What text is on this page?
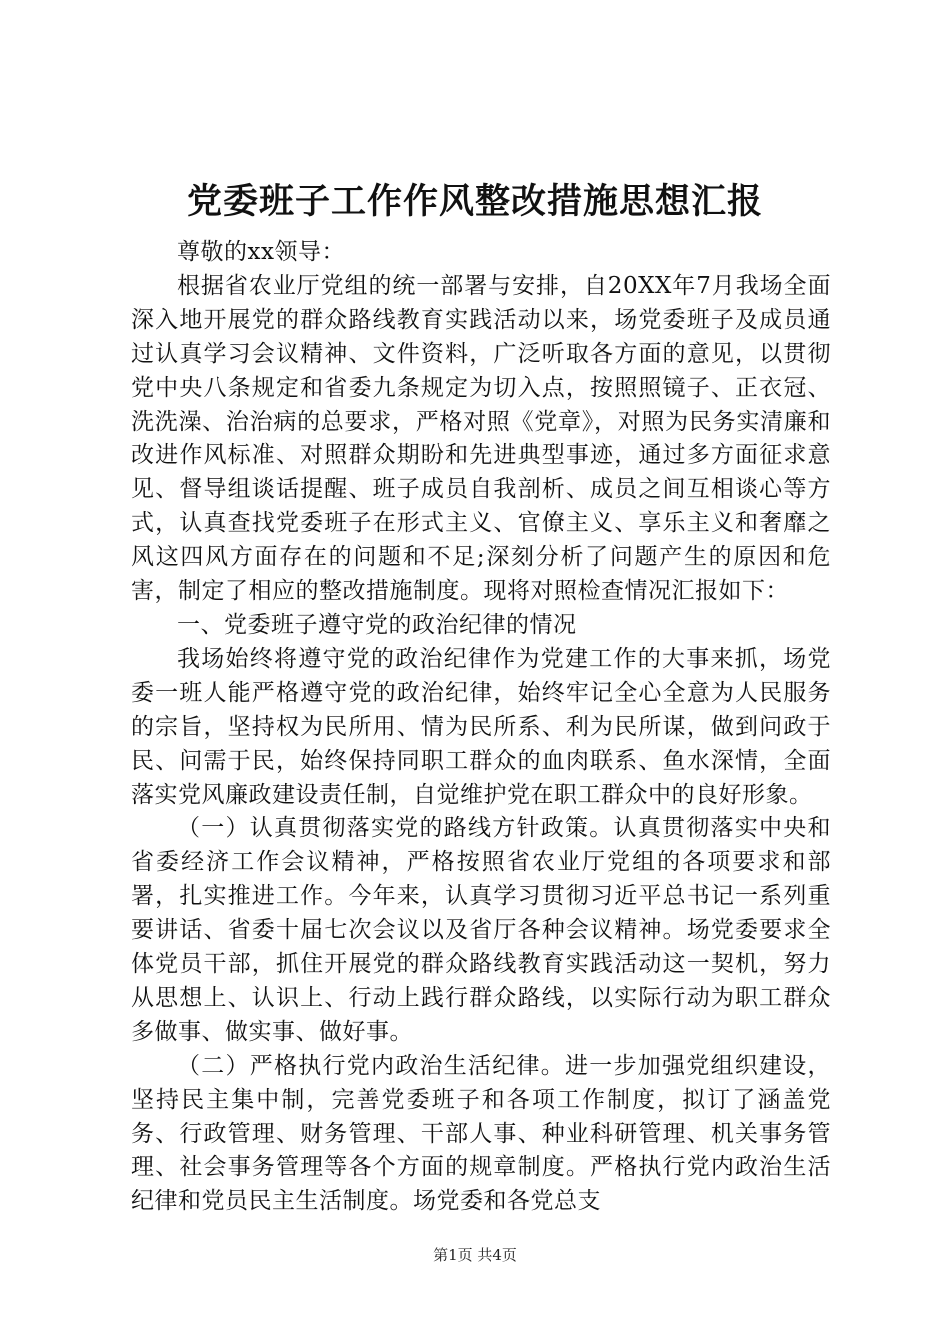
党委班子工作作风整改措施思想汇报

尊敬的xx领导：

根据省农业厅党组的统一部署与安排，自20XX年7月我场全面深入地开展党的群众路线教育实践活动以来，场党委班子及成员通过认真学习会议精神、文件资料，广泛听取各方面的意见，以贯彻党中央八条规定和省委九条规定为切入点，按照照镜子、正衣冠、洗洗澡、治治病的总要求，严格对照《党章》，对照为民务实清廉和改进作风标准、对照群众期盼和先进典型事迹，通过多方面征求意见、督导组谈话提醒、班子成员自我剖析、成员之间互相谈心等方式，认真查找党委班子在形式主义、官僚主义、享乐主义和奢靡之风这四风方面存在的问题和不足;深刻分析了问题产生的原因和危害，制定了相应的整改措施制度。现将对照检查情况汇报如下：

一、党委班子遵守党的政治纪律的情况

我场始终将遵守党的政治纪律作为党建工作的大事来抓，场党委一班人能严格遵守党的政治纪律，始终牢记全心全意为人民服务的宗旨，坚持权为民所用、情为民所系、利为民所谋，做到问政于民、问需于民，始终保持同职工群众的血肉联系、鱼水深情，全面落实党风廉政建设责任制，自觉维护党在职工群众中的良好形象。

（一）认真贯彻落实党的路线方针政策。认真贯彻落实中央和省委经济工作会议精神，严格按照省农业厅党组的各项要求和部署，扎实推进工作。今年来，认真学习贯彻习近平总书记一系列重要讲话、省委十届七次会议以及省厅各种会议精神。场党委要求全体党员干部，抓住开展党的群众路线教育实践活动这一契机，努力从思想上、认识上、行动上践行群众路线，以实际行动为职工群众多做事、做实事、做好事。

（二）严格执行党内政治生活纪律。进一步加强党组织建设，坚持民主集中制，完善党委班子和各项工作制度，拟订了涵盖党务、行政管理、财务管理、干部人事、种业科研管理、机关事务管理、社会事务管理等各个方面的规章制度。严格执行党内政治生活纪律和党员民主生活制度。场党委和各党总支

第1页 共4页
